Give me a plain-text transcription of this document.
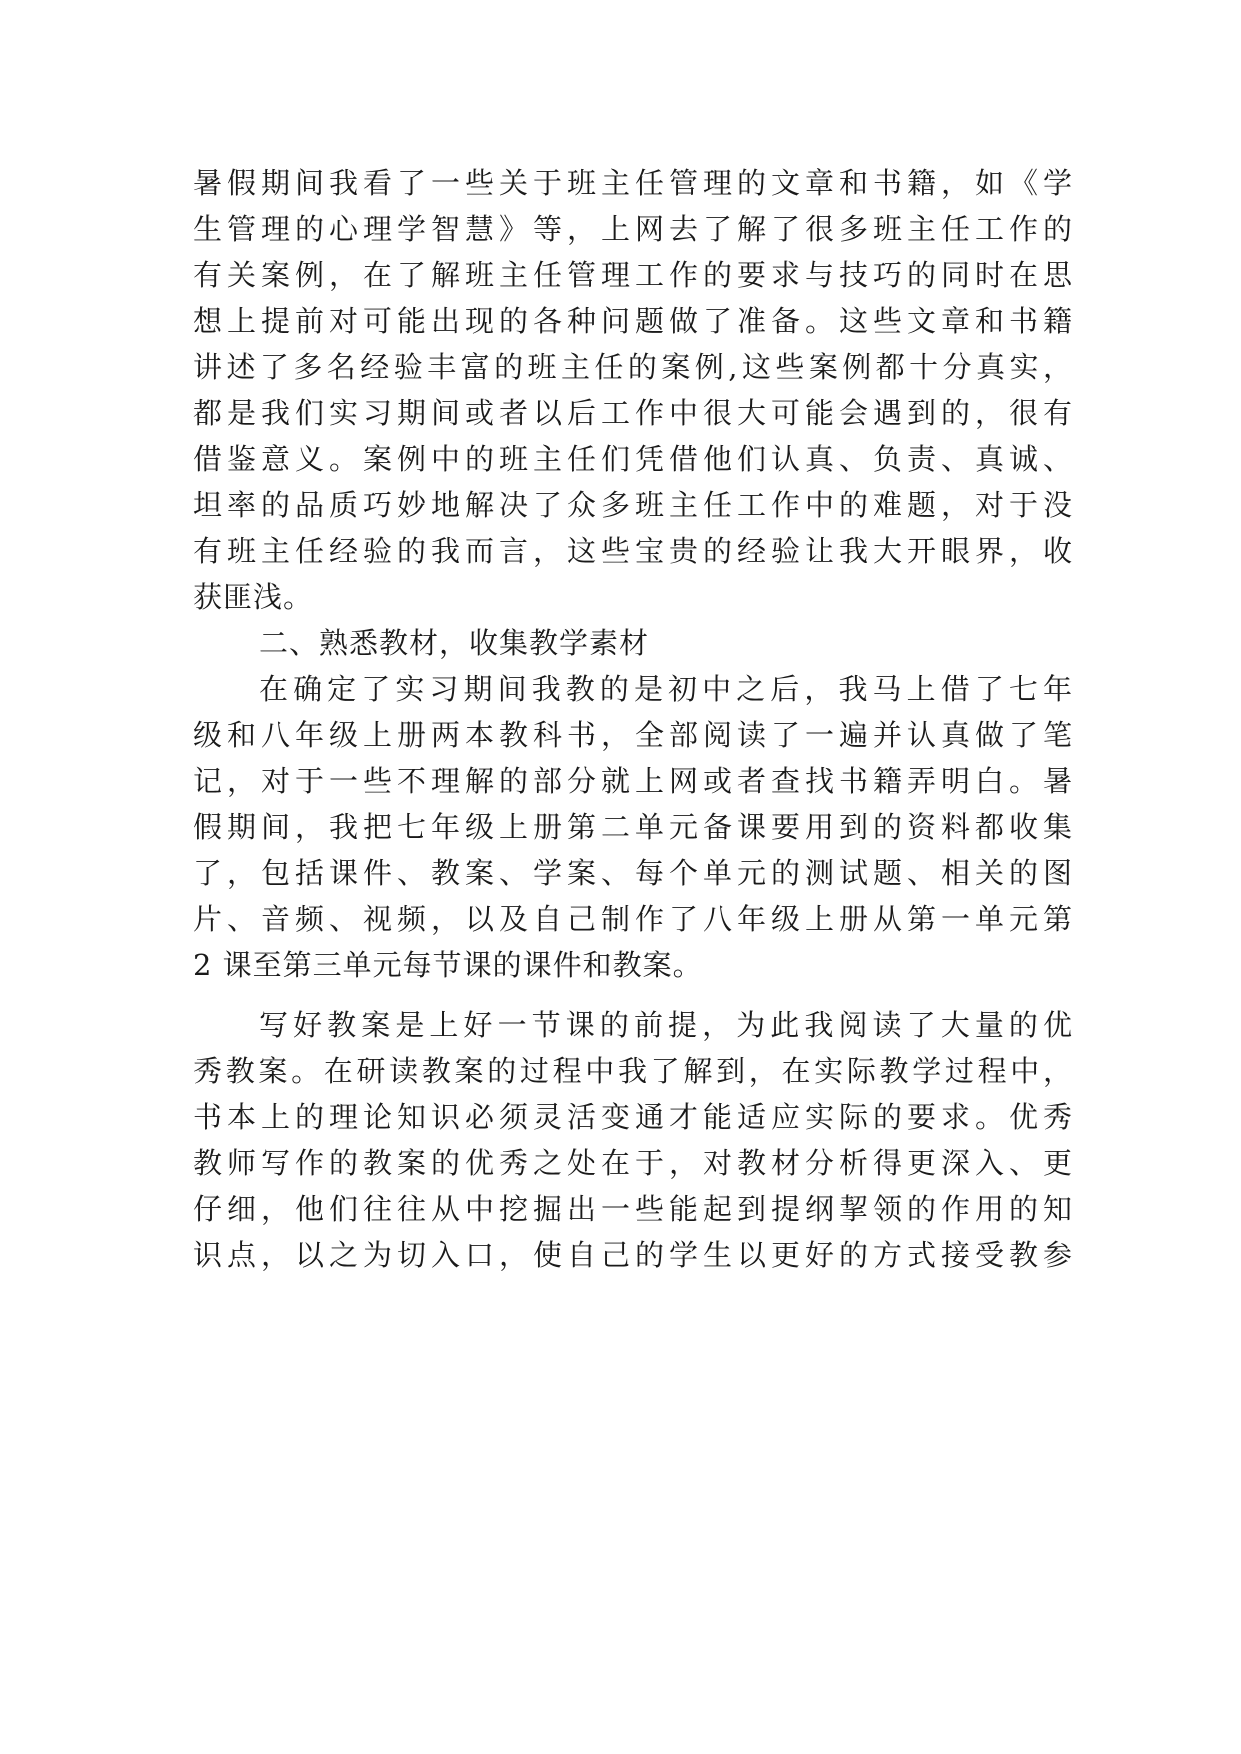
暑假期间我看了一些关于班主任管理的文章和书籍，如《学
生管理的心理学智慧》等，上网去了解了很多班主任工作的
有关案例，在了解班主任管理工作的要求与技巧的同时在思
想上提前对可能出现的各种问题做了准备。这些文章和书籍
讲述了多名经验丰富的班主任的案例,这些案例都十分真实，
都是我们实习期间或者以后工作中很大可能会遇到的，很有
借鉴意义。案例中的班主任们凭借他们认真、负责、真诚、
坦率的品质巧妙地解决了众多班主任工作中的难题，对于没
有班主任经验的我而言，这些宝贵的经验让我大开眼界，收
获匪浅。
二、熟悉教材，收集教学素材
在确定了实习期间我教的是初中之后，我马上借了七年
级和八年级上册两本教科书，全部阅读了一遍并认真做了笔
记，对于一些不理解的部分就上网或者查找书籍弄明白。暑
假期间，我把七年级上册第二单元备课要用到的资料都收集
了，包括课件、教案、学案、每个单元的测试题、相关的图
片、音频、视频，以及自己制作了八年级上册从第一单元第
2 课至第三单元每节课的课件和教案。
写好教案是上好一节课的前提，为此我阅读了大量的优
秀教案。在研读教案的过程中我了解到，在实际教学过程中，
书本上的理论知识必须灵活变通才能适应实际的要求。优秀
教师写作的教案的优秀之处在于，对教材分析得更深入、更
仔细，他们往往从中挖掘出一些能起到提纲挈领的作用的知
识点，以之为切入口，使自己的学生以更好的方式接受教参
